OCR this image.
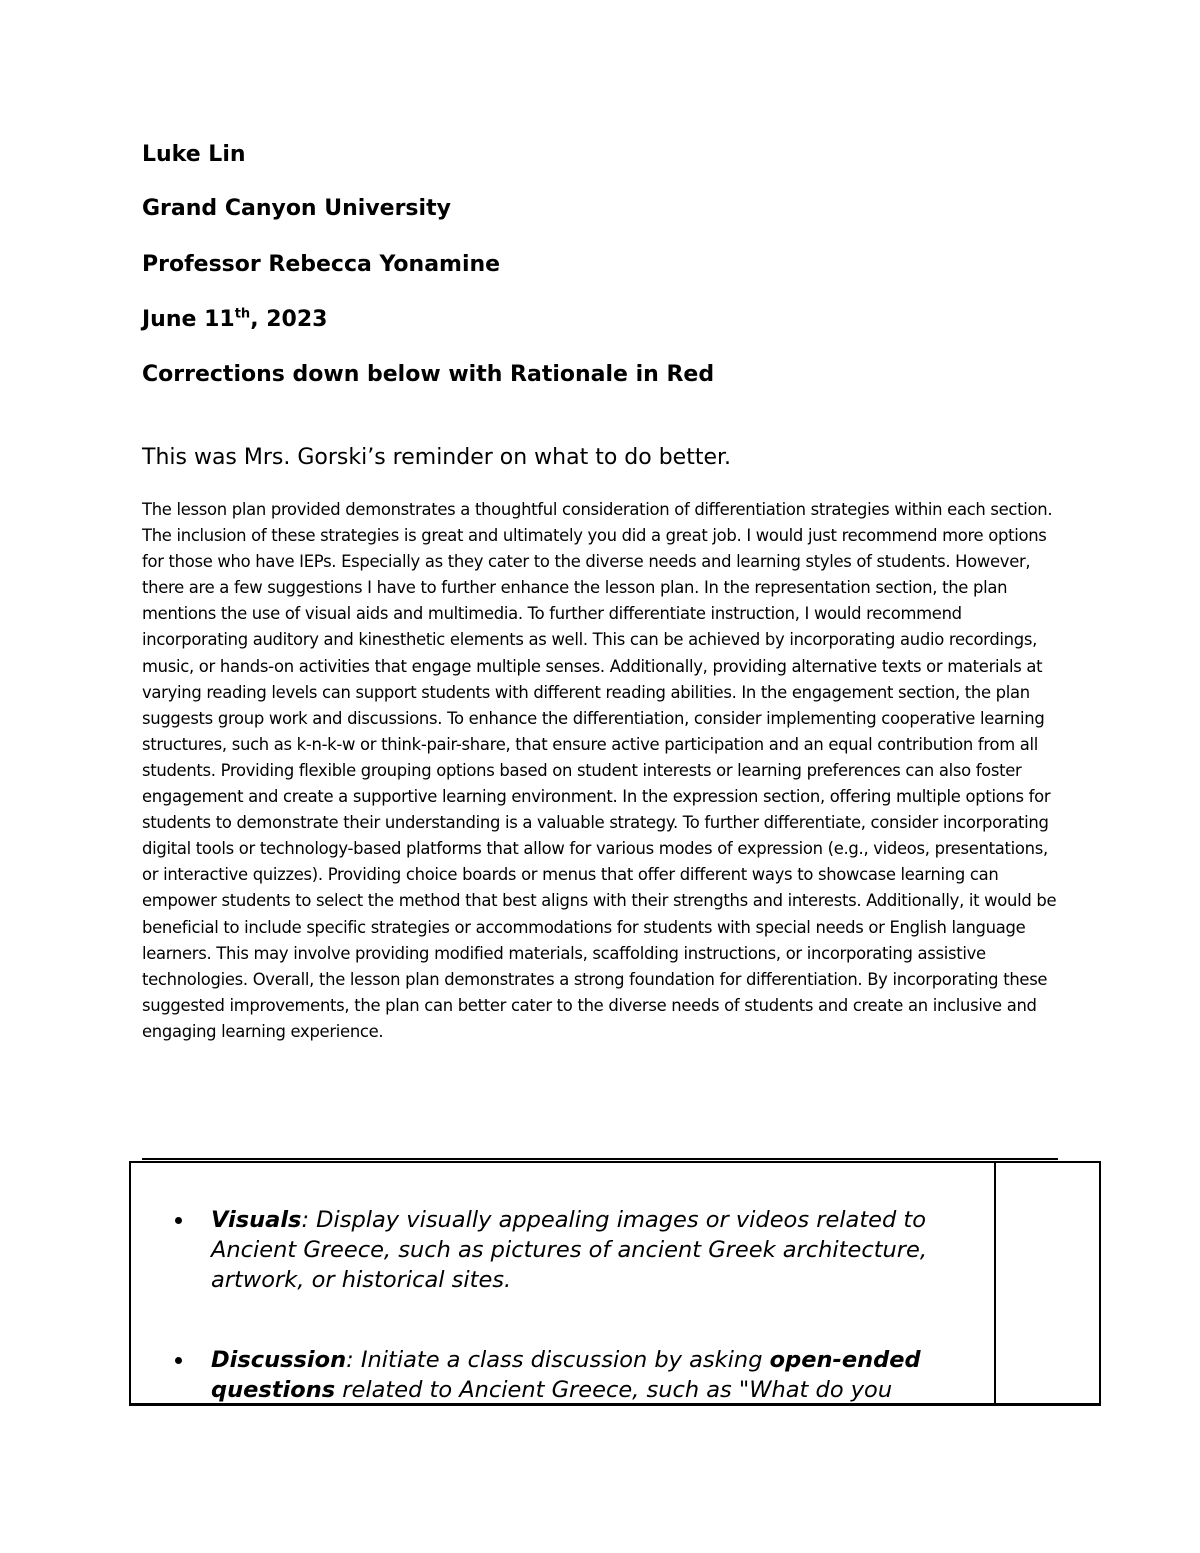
Luke Lin

Grand Canyon University

Professor Rebecca Yonamine

June 11th, 2023

Corrections down below with Rationale in Red

This was Mrs. Gorski’s reminder on what to do better.

The lesson plan provided demonstrates a thoughtful consideration of differentiation strategies within each section. The inclusion of these strategies is great and ultimately you did a great job. I would just recommend more options for those who have IEPs. Especially as they cater to the diverse needs and learning styles of students. However, there are a few suggestions I have to further enhance the lesson plan. In the representation section, the plan mentions the use of visual aids and multimedia. To further differentiate instruction, I would recommend incorporating auditory and kinesthetic elements as well. This can be achieved by incorporating audio recordings, music, or hands-on activities that engage multiple senses. Additionally, providing alternative texts or materials at varying reading levels can support students with different reading abilities. In the engagement section, the plan suggests group work and discussions. To enhance the differentiation, consider implementing cooperative learning structures, such as k-n-k-w or think-pair-share, that ensure active participation and an equal contribution from all students. Providing flexible grouping options based on student interests or learning preferences can also foster engagement and create a supportive learning environment. In the expression section, offering multiple options for students to demonstrate their understanding is a valuable strategy. To further differentiate, consider incorporating digital tools or technology-based platforms that allow for various modes of expression (e.g., videos, presentations, or interactive quizzes). Providing choice boards or menus that offer different ways to showcase learning can empower students to select the method that best aligns with their strengths and interests. Additionally, it would be beneficial to include specific strategies or accommodations for students with special needs or English language learners. This may involve providing modified materials, scaffolding instructions, or incorporating assistive technologies. Overall, the lesson plan demonstrates a strong foundation for differentiation. By incorporating these suggested improvements, the plan can better cater to the diverse needs of students and create an inclusive and engaging learning experience.

Visuals: Display visually appealing images or videos related to Ancient Greece, such as pictures of ancient Greek architecture, artwork, or historical sites.
Discussion: Initiate a class discussion by asking open-ended questions related to Ancient Greece, such as "What do you
